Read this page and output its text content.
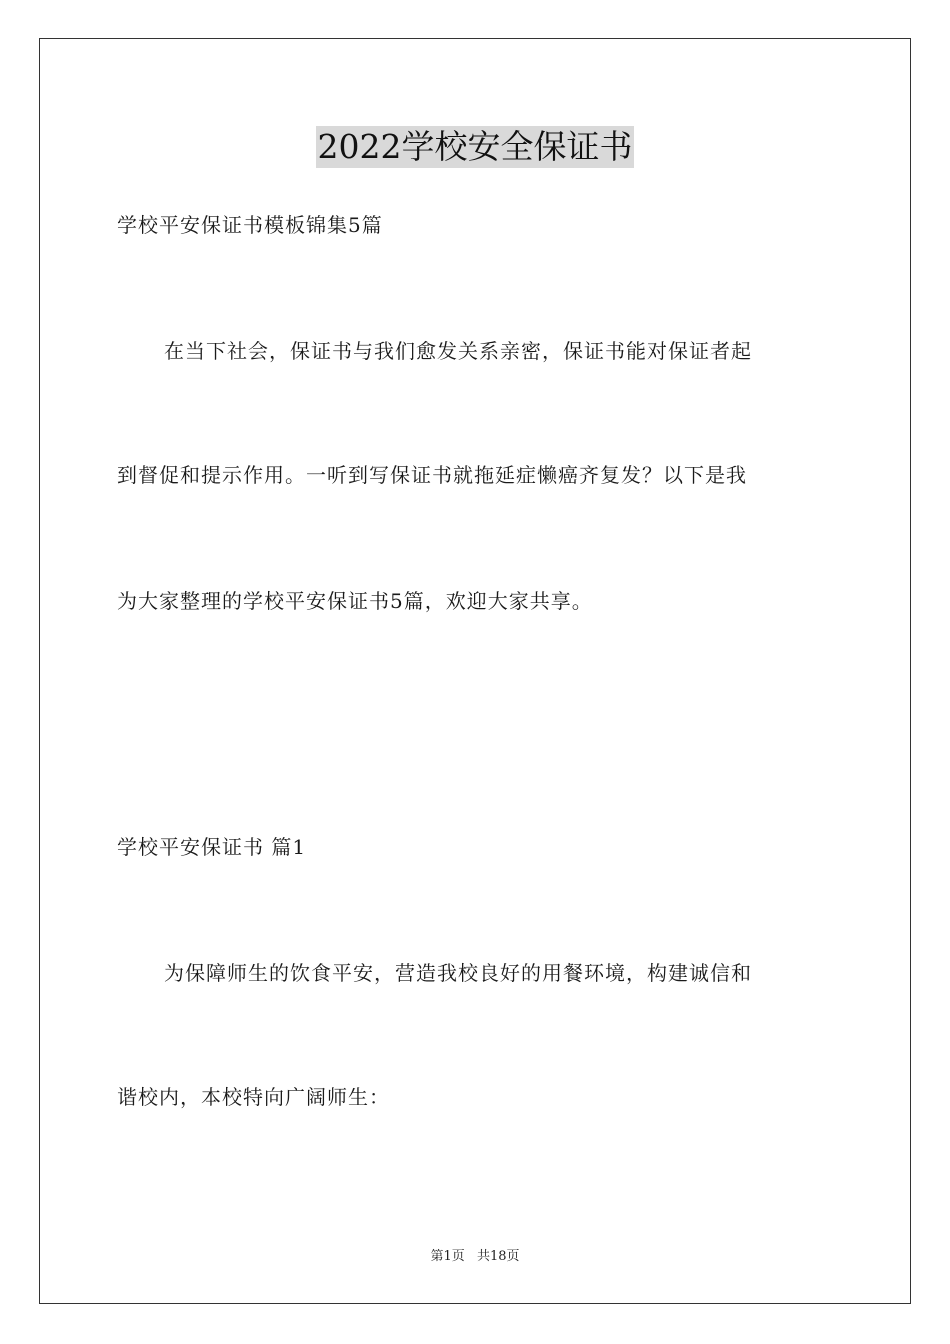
2022学校安全保证书
学校平安保证书模板锦集5篇
在当下社会，保证书与我们愈发关系亲密，保证书能对保证者起
到督促和提示作用。一听到写保证书就拖延症懒癌齐复发？以下是我
为大家整理的学校平安保证书5篇，欢迎大家共享。
学校平安保证书 篇1
为保障师生的饮食平安，营造我校良好的用餐环境，构建诚信和
谐校内，本校特向广阔师生：
第1页 共18页
